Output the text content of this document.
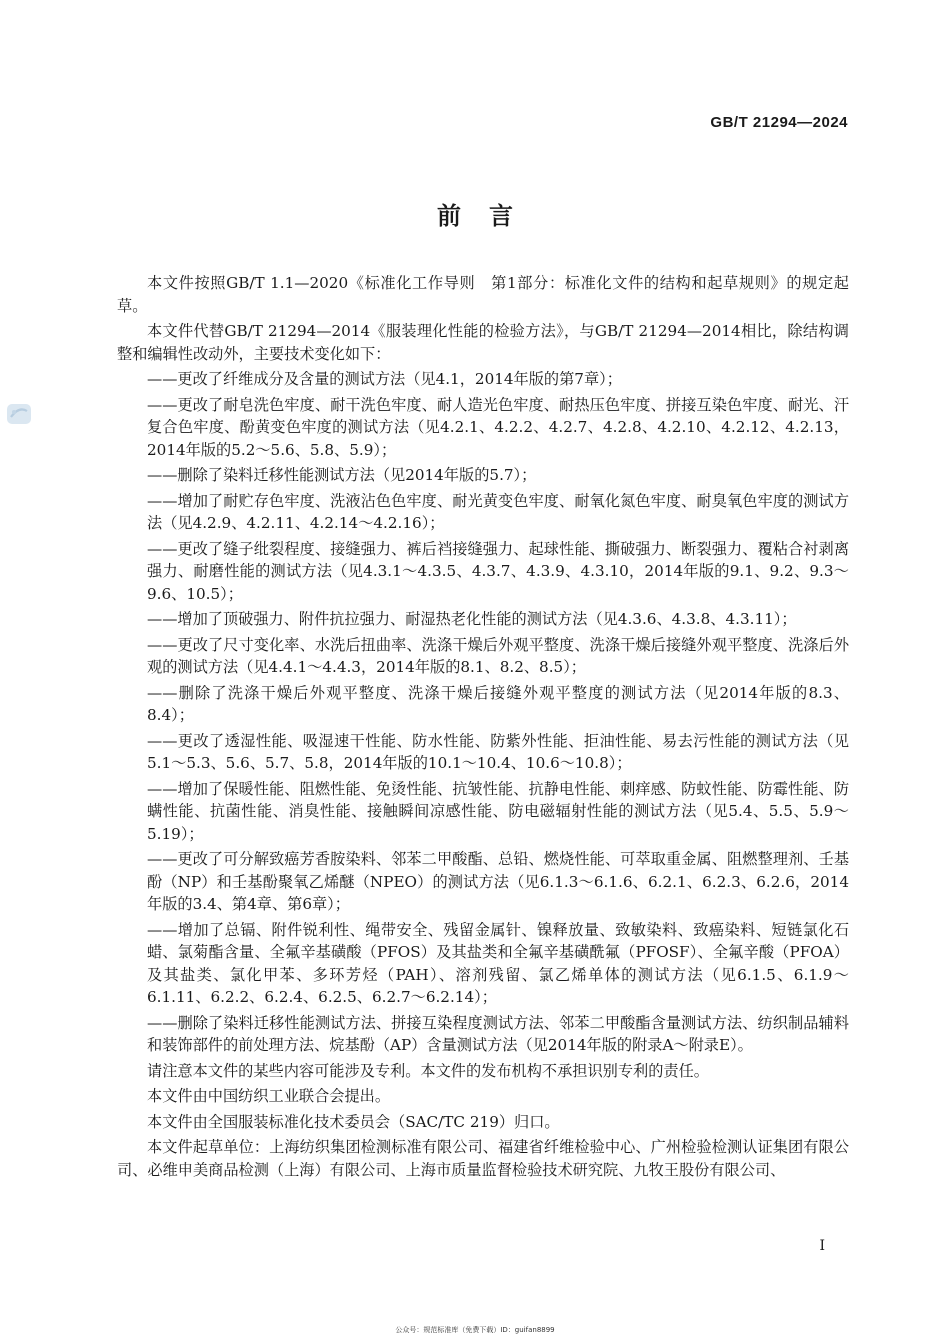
GB/T 21294—2024
前言

本文件按照GB/T 1.1—2020《标准化工作导则　第1部分：标准化文件的结构和起草规则》的规定起草。

本文件代替GB/T 21294—2014《服装理化性能的检验方法》，与GB/T 21294—2014相比，除结构调整和编辑性改动外，主要技术变化如下：

——更改了纤维成分及含量的测试方法（见4.1，2014年版的第7章）；

——更改了耐皂洗色牢度、耐干洗色牢度、耐人造光色牢度、耐热压色牢度、拼接互染色牢度、耐光、汗复合色牢度、酚黄变色牢度的测试方法（见4.2.1、4.2.2、4.2.7、4.2.8、4.2.10、4.2.12、4.2.13，2014年版的5.2～5.6、5.8、5.9）；

——删除了染料迁移性能测试方法（见2014年版的5.7）；

——增加了耐贮存色牢度、洗液沾色色牢度、耐光黄变色牢度、耐氧化氮色牢度、耐臭氧色牢度的测试方法（见4.2.9、4.2.11、4.2.14～4.2.16）；

——更改了缝子纰裂程度、接缝强力、裤后裆接缝强力、起球性能、撕破强力、断裂强力、覆粘合衬剥离强力、耐磨性能的测试方法（见4.3.1～4.3.5、4.3.7、4.3.9、4.3.10，2014年版的9.1、9.2、9.3～9.6、10.5）；

——增加了顶破强力、附件抗拉强力、耐湿热老化性能的测试方法（见4.3.6、4.3.8、4.3.11）；

——更改了尺寸变化率、水洗后扭曲率、洗涤干燥后外观平整度、洗涤干燥后接缝外观平整度、洗涤后外观的测试方法（见4.4.1～4.4.3，2014年版的8.1、8.2、8.5）；

——删除了洗涤干燥后外观平整度、洗涤干燥后接缝外观平整度的测试方法（见2014年版的8.3、8.4）；

——更改了透湿性能、吸湿速干性能、防水性能、防紫外性能、拒油性能、易去污性能的测试方法（见5.1～5.3、5.6、5.7、5.8，2014年版的10.1～10.4、10.6～10.8）；

——增加了保暖性能、阻燃性能、免烫性能、抗皱性能、抗静电性能、刺痒感、防蚊性能、防霉性能、防螨性能、抗菌性能、消臭性能、接触瞬间凉感性能、防电磁辐射性能的测试方法（见5.4、5.5、5.9～5.19）；

——更改了可分解致癌芳香胺染料、邻苯二甲酸酯、总铅、燃烧性能、可萃取重金属、阻燃整理剂、壬基酚（NP）和壬基酚聚氧乙烯醚（NPEO）的测试方法（见6.1.3～6.1.6、6.2.1、6.2.3、6.2.6，2014年版的3.4、第4章、第6章）；

——增加了总镉、附件锐利性、绳带安全、残留金属针、镍释放量、致敏染料、致癌染料、短链氯化石蜡、氯菊酯含量、全氟辛基磺酸（PFOS）及其盐类和全氟辛基磺酰氟（PFOSF）、全氟辛酸（PFOA）及其盐类、氯化甲苯、多环芳烃（PAH）、溶剂残留、氯乙烯单体的测试方法（见6.1.5、6.1.9～6.1.11、6.2.2、6.2.4、6.2.5、6.2.7～6.2.14）；

——删除了染料迁移性能测试方法、拼接互染程度测试方法、邻苯二甲酸酯含量测试方法、纺织制品辅料和装饰部件的前处理方法、烷基酚（AP）含量测试方法（见2014年版的附录A～附录E）。

请注意本文件的某些内容可能涉及专利。本文件的发布机构不承担识别专利的责任。

本文件由中国纺织工业联合会提出。

本文件由全国服装标准化技术委员会（SAC/TC 219）归口。

本文件起草单位：上海纺织集团检测标准有限公司、福建省纤维检验中心、广州检验检测认证集团有限公司、必维申美商品检测（上海）有限公司、上海市质量监督检验技术研究院、九牧王股份有限公司、

I
公众号：规范标准库（免费下载）ID：guifan8899
